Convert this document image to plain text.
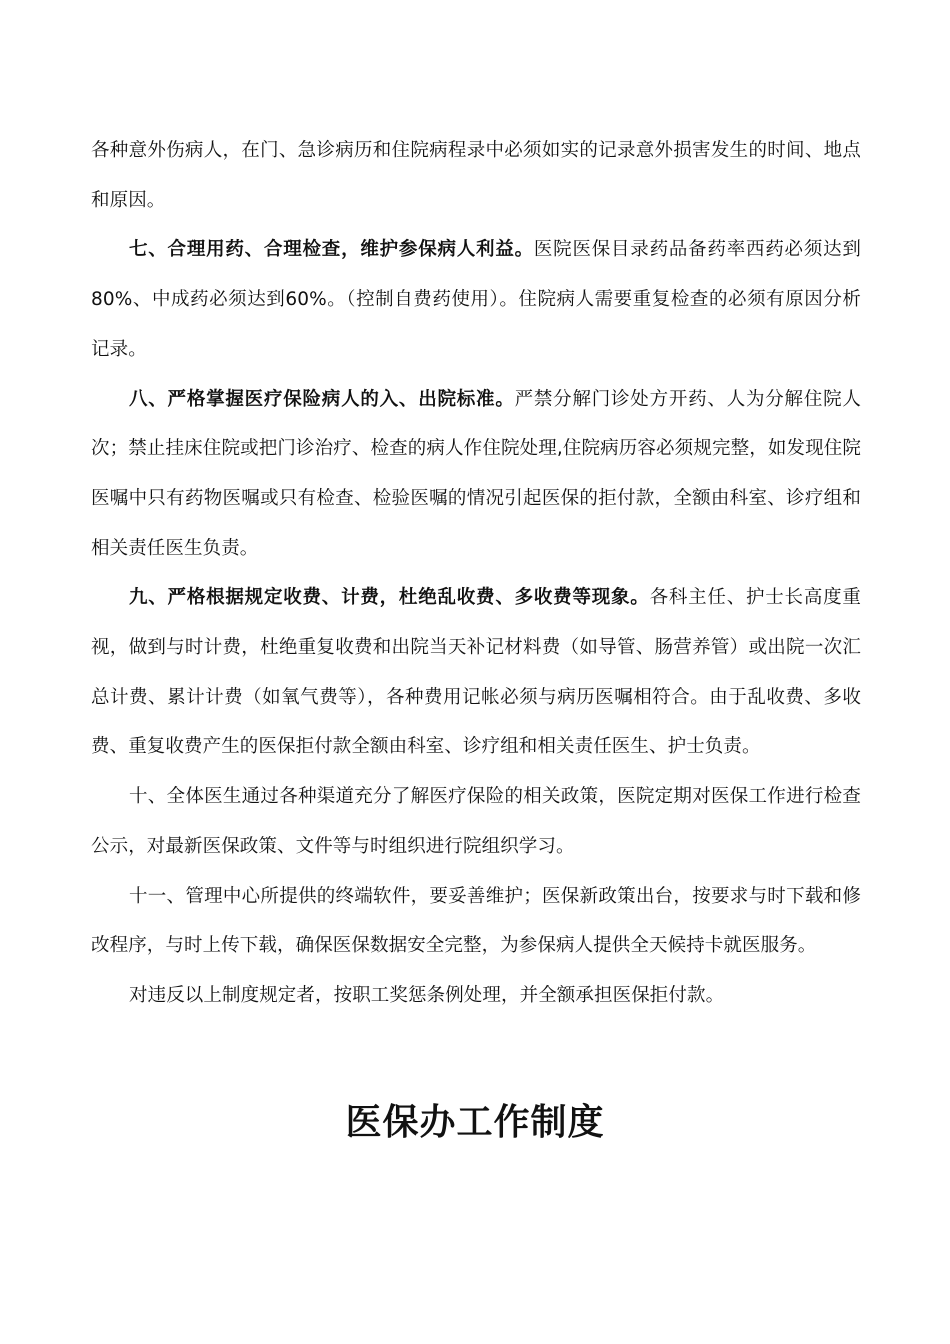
各种意外伤病人，在门、急诊病历和住院病程录中必须如实的记录意外损害发生的时间、地点和原因。

七、合理用药、合理检查，维护参保病人利益。医院医保目录药品备药率西药必须达到80%、中成药必须达到60%。（控制自费药使用）。住院病人需要重复检查的必须有原因分析记录。

八、严格掌握医疗保险病人的入、出院标准。严禁分解门诊处方开药、人为分解住院人次；禁止挂床住院或把门诊治疗、检查的病人作住院处理,住院病历容必须规完整，如发现住院医嘱中只有药物医嘱或只有检查、检验医嘱的情况引起医保的拒付款，全额由科室、诊疗组和相关责任医生负责。

九、严格根据规定收费、计费，杜绝乱收费、多收费等现象。各科主任、护士长高度重视，做到与时计费，杜绝重复收费和出院当天补记材料费（如导管、肠营养管）或出院一次汇总计费、累计计费（如氧气费等），各种费用记帐必须与病历医嘱相符合。由于乱收费、多收费、重复收费产生的医保拒付款全额由科室、诊疗组和相关责任医生、护士负责。

十、全体医生通过各种渠道充分了解医疗保险的相关政策，医院定期对医保工作进行检查公示，对最新医保政策、文件等与时组织进行院组织学习。

十一、管理中心所提供的终端软件，要妥善维护；医保新政策出台，按要求与时下载和修改程序，与时上传下载，确保医保数据安全完整，为参保病人提供全天候持卡就医服务。

对违反以上制度规定者，按职工奖惩条例处理，并全额承担医保拒付款。

医保办工作制度
